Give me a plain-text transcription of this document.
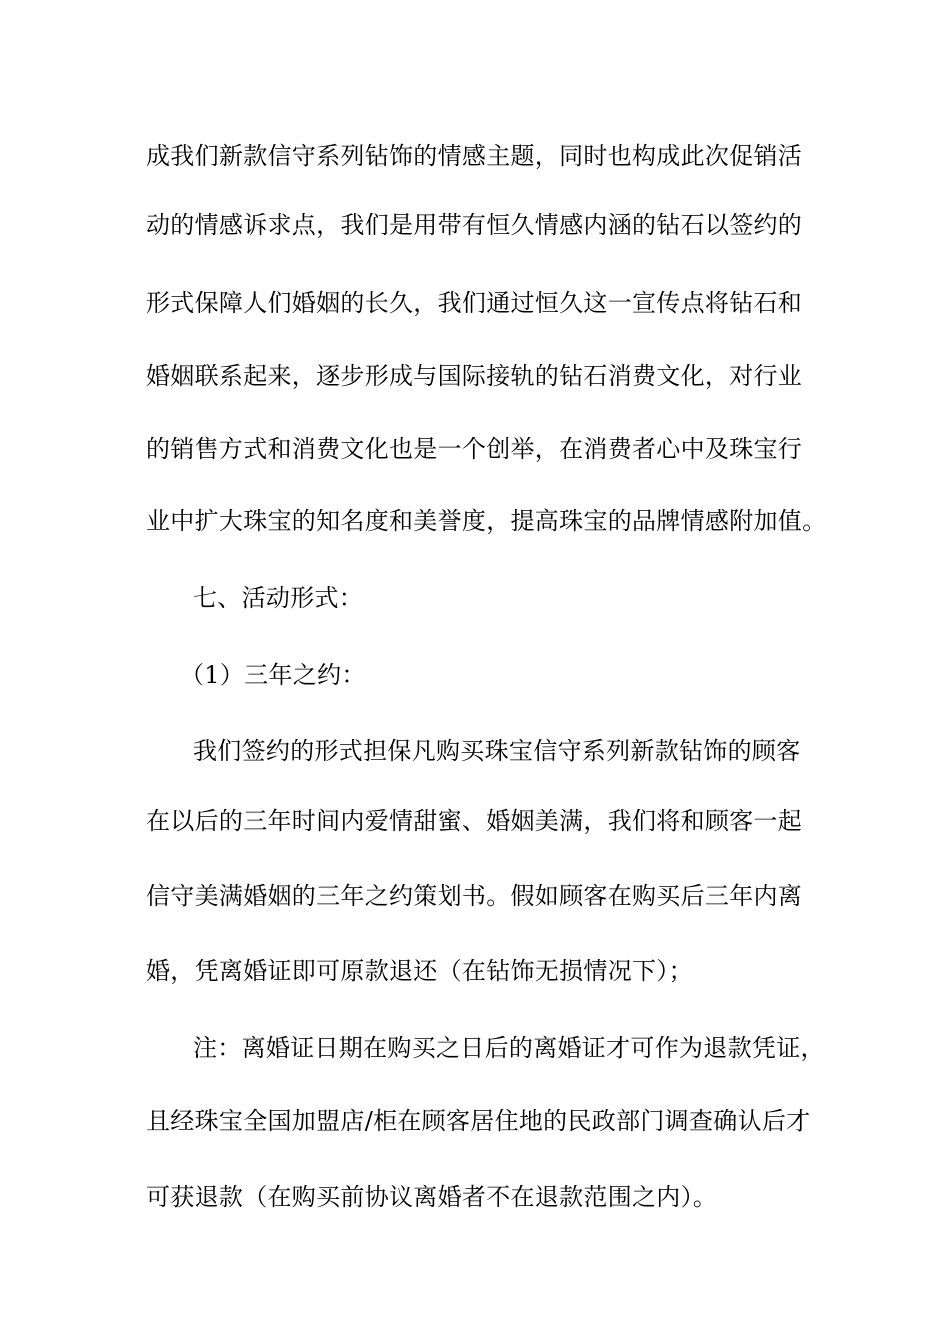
成我们新款信守系列钻饰的情感主题，同时也构成此次促销活
动的情感诉求点，我们是用带有恒久情感内涵的钻石以签约的
形式保障人们婚姻的长久，我们通过恒久这一宣传点将钻石和
婚姻联系起来，逐步形成与国际接轨的钻石消费文化，对行业
的销售方式和消费文化也是一个创举，在消费者心中及珠宝行
业中扩大珠宝的知名度和美誉度，提高珠宝的品牌情感附加值。
七、活动形式：
（1）三年之约：
我们签约的形式担保凡购买珠宝信守系列新款钻饰的顾客
在以后的三年时间内爱情甜蜜、婚姻美满，我们将和顾客一起
信守美满婚姻的三年之约策划书。假如顾客在购买后三年内离
婚，凭离婚证即可原款退还（在钻饰无损情况下）；
注：离婚证日期在购买之日后的离婚证才可作为退款凭证，
且经珠宝全国加盟店/柜在顾客居住地的民政部门调查确认后才
可获退款（在购买前协议离婚者不在退款范围之内）。
